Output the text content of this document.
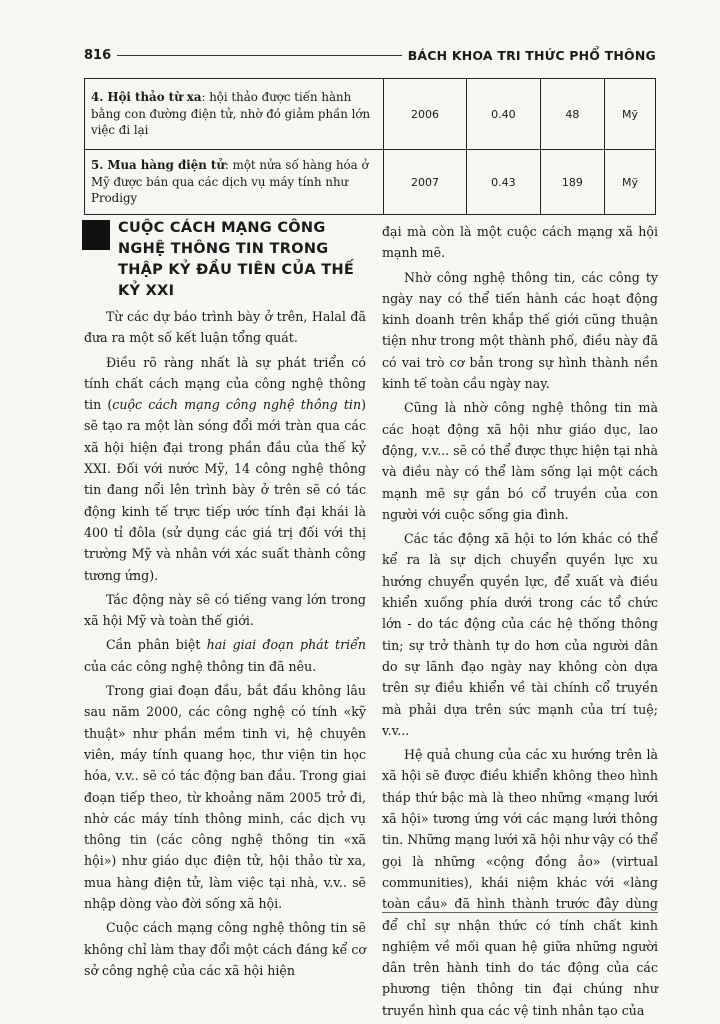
816	BÁCH KHOA TRI THỨC PHỔ THÔNG
4. Hội thảo từ xa: hội thảo được tiến hành bằng con đường điện tử, nhờ đó giảm phần lớn việc đi lại	2006	0.40	48	Mỹ
5. Mua hàng điện tử: một nửa số hàng hóa ở Mỹ được bán qua các dịch vụ máy tính như Prodigy	2007	0.43	189	Mỹ
CUỘC CÁCH MẠNG CÔNG NGHỆ THÔNG TIN TRONG THẬP KỶ ĐẦU TIÊN CỦA THẾ KỶ XXI

Từ các dự báo trình bày ở trên, Halal đã đưa ra một số kết luận tổng quát.

Điều rõ ràng nhất là sự phát triển có tính chất cách mạng của công nghệ thông tin (cuộc cách mạng công nghệ thông tin) sẽ tạo ra một làn sóng đổi mới tràn qua các xã hội hiện đại trong phần đầu của thế kỷ XXI. Đối với nước Mỹ, 14 công nghệ thông tin đang nổi lên trình bày ở trên sẽ có tác động kinh tế trực tiếp ước tính đại khái là 400 tỉ đôla (sử dụng các giá trị đối với thị trường Mỹ và nhân với xác suất thành công tương ứng).

Tác động này sẽ có tiếng vang lớn trong xã hội Mỹ và toàn thế giới.

Cần phân biệt hai giai đoạn phát triển của các công nghệ thông tin đã nêu.

Trong giai đoạn đầu, bắt đầu không lâu sau năm 2000, các công nghệ có tính «kỹ thuật» như phần mềm tinh vi, hệ chuyên viên, máy tính quang học, thư viện tin học hóa, v.v.. sẽ có tác động ban đầu. Trong giai đoạn tiếp theo, từ khoảng năm 2005 trở đi, nhờ các máy tính thông minh, các dịch vụ thông tin (các công nghệ thông tin «xã hội») như giáo dục điện tử, hội thảo từ xa, mua hàng điện tử, làm việc tại nhà, v.v.. sẽ nhập dòng vào đời sống xã hội.

Cuộc cách mạng công nghệ thông tin sẽ không chỉ làm thay đổi một cách đáng kể cơ sở công nghệ của các xã hội hiện

đại mà còn là một cuộc cách mạng xã hội mạnh mẽ.

Nhờ công nghệ thông tin, các công ty ngày nay có thể tiến hành các hoạt động kinh doanh trên khắp thế giới cũng thuận tiện như trong một thành phố, điều này đã có vai trò cơ bản trong sự hình thành nền kinh tế toàn cầu ngày nay.

Cũng là nhờ công nghệ thông tin mà các hoạt động xã hội như giáo dục, lao động, v.v... sẽ có thể được thực hiện tại nhà và điều này có thể làm sống lại một cách mạnh mẽ sự gắn bó cổ truyền của con người với cuộc sống gia đình.

Các tác động xã hội to lớn khác có thể kể ra là sự dịch chuyển quyền lực xu hướng chuyển quyền lực, để xuất và điều khiển xuống phía dưới trong các tổ chức lớn - do tác động của các hệ thống thông tin; sự trở thành tự do hơn của người dân do sự lãnh đạo ngày nay không còn dựa trên sự điều khiển về tài chính cổ truyền mà phải dựa trên sức mạnh của trí tuệ; v.v...

Hệ quả chung của các xu hướng trên là xã hội sẽ được điều khiển không theo hình tháp thứ bậc mà là theo những «mạng lưới xã hội» tương ứng với các mạng lưới thông tin. Những mạng lưới xã hội như vậy có thể gọi là những «cộng đồng ảo» (virtual communities), khái niệm khác với «làng toàn cầu» đã hình thành trước đây dùng để chỉ sự nhận thức có tính chất kinh nghiệm về mối quan hệ giữa những người dân trên hành tinh do tác động của các phương tiện thông tin đại chúng như truyền hình qua các vệ tinh nhân tạo của
